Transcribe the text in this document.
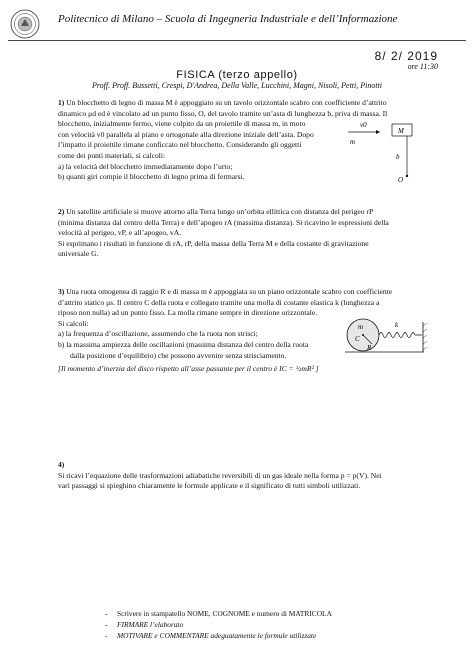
Politecnico di Milano – Scuola di Ingegneria Industriale e dell’Informazione
8/ 2/ 2019
ore 11:30
FISICA (terzo appello)
Proff. Proff. Bussetti, Crespi, D'Andrea, Della Valle, Lucchini, Magni, Nisoli, Petti, Pinotti

1) Un blocchetto di legno di massa M è appoggiato su un tavolo orizzontale scabro con coefficiente d’attrito

dinamico μd ed è vincolato ad un punto fisso, O, del tavolo tramite un’asta di lunghezza b, priva di massa. Il

blocchetto, inizialmente fermo, viene colpito da un proiettile di massa m, in moto

con velocità v0 parallela al piano e ortogonale alla direzione iniziale dell’asta. Dopo

l’impatto il proiettile rimane conficcato nel blocchetto. Considerando gli oggetti

come dei punti materiali, si calcoli:

a) la velocità del blocchetto immediatamente dopo l’urto;

b) quanti giri compie il blocchetto di legno prima di fermarsi.

v0
m
M
b
O

2) Un satellite artificiale si muove attorno alla Terra lungo un’orbita ellittica con distanza del perigeo rP

(minima distanza dal centro della Terra) e dell’apogeo rA (massima distanza). Si ricavino le espressioni della

velocità al perigeo, vP, e all’apogeo, vA.

Si esprimano i risultati in funzione di rA, rP, della massa della Terra M e della costante di gravitazione

universale G.

3) Una ruota omogenea di raggio R e di massa m è appoggiata su un piano orizzontale scabro con coefficiente

d’attrito statico μs. Il centro C della ruota e collegato tramite una molla di costante elastica k (lunghezza a

riposo non nulla) ad un punto fisso. La molla rimane sempre in direzione orizzontale.

Si calcoli:

a) la frequenza d’oscillazione, assumendo che la ruota non strisci;

b) la massima ampiezza delle oscillazioni (massima distanza del centro della ruota

dalla posizione d’equilibrio) che possono avvenire senza strisciamento.

[Il momento d’inerzia del disco rispetto all’asse passante per il centro è IC = ½mR² ]

m
C
R
k

4)

Si ricavi l’equazione delle trasformazioni adiabatiche reversibili di un gas ideale nella forma p = p(V). Nei

vari passaggi si spieghino chiaramente le formule applicate e il significato di tutti simboli utilizzati.

- Scrivere in stampatello NOME, COGNOME e numero di MATRICOLA
- FIRMARE l’elaborato
- MOTIVARE e COMMENTARE adeguatamente le formule utilizzate
